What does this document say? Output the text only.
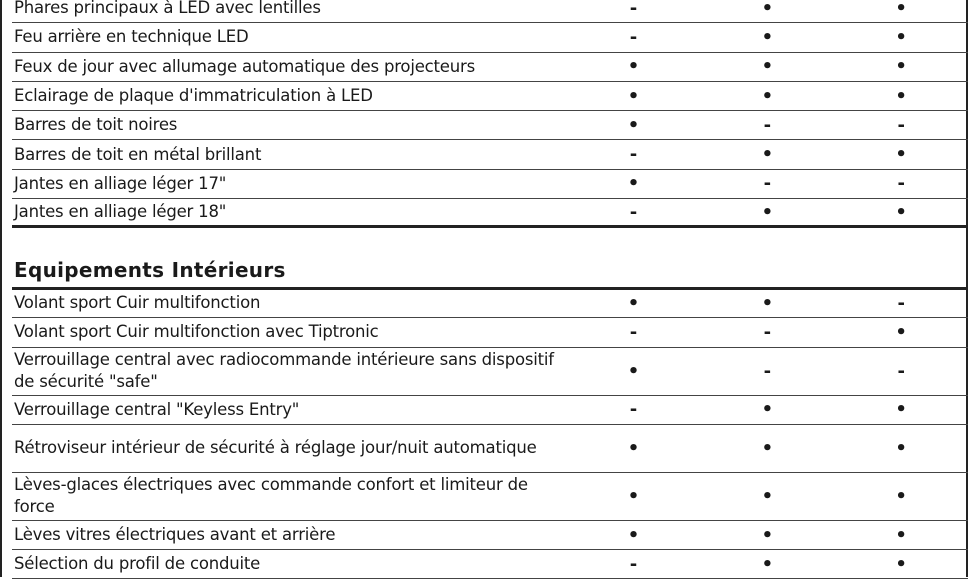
Phares principaux à LED avec lentilles	-	•	•
Feu arrière en technique LED	-	•	•
Feux de jour avec allumage automatique des projecteurs	•	•	•
Eclairage de plaque d'immatriculation à LED	•	•	•
Barres de toit noires	•	-	-
Barres de toit en métal brillant	-	•	•
Jantes en alliage léger 17"	•	-	-
Jantes en alliage léger 18"	-	•	•
Equipements Intérieurs
Volant sport Cuir multifonction	•	•	-
Volant sport Cuir multifonction avec Tiptronic	-	-	•
Verrouillage central avec radiocommande intérieure sans dispositif de sécurité "safe"	•	-	-
Verrouillage central "Keyless Entry"	-	•	•
Rétroviseur intérieur de sécurité à réglage jour/nuit automatique	•	•	•
Lèves-glaces électriques avec commande confort et limiteur de force	•	•	•
Lèves vitres électriques avant et arrière	•	•	•
Sélection du profil de conduite	-	•	•
